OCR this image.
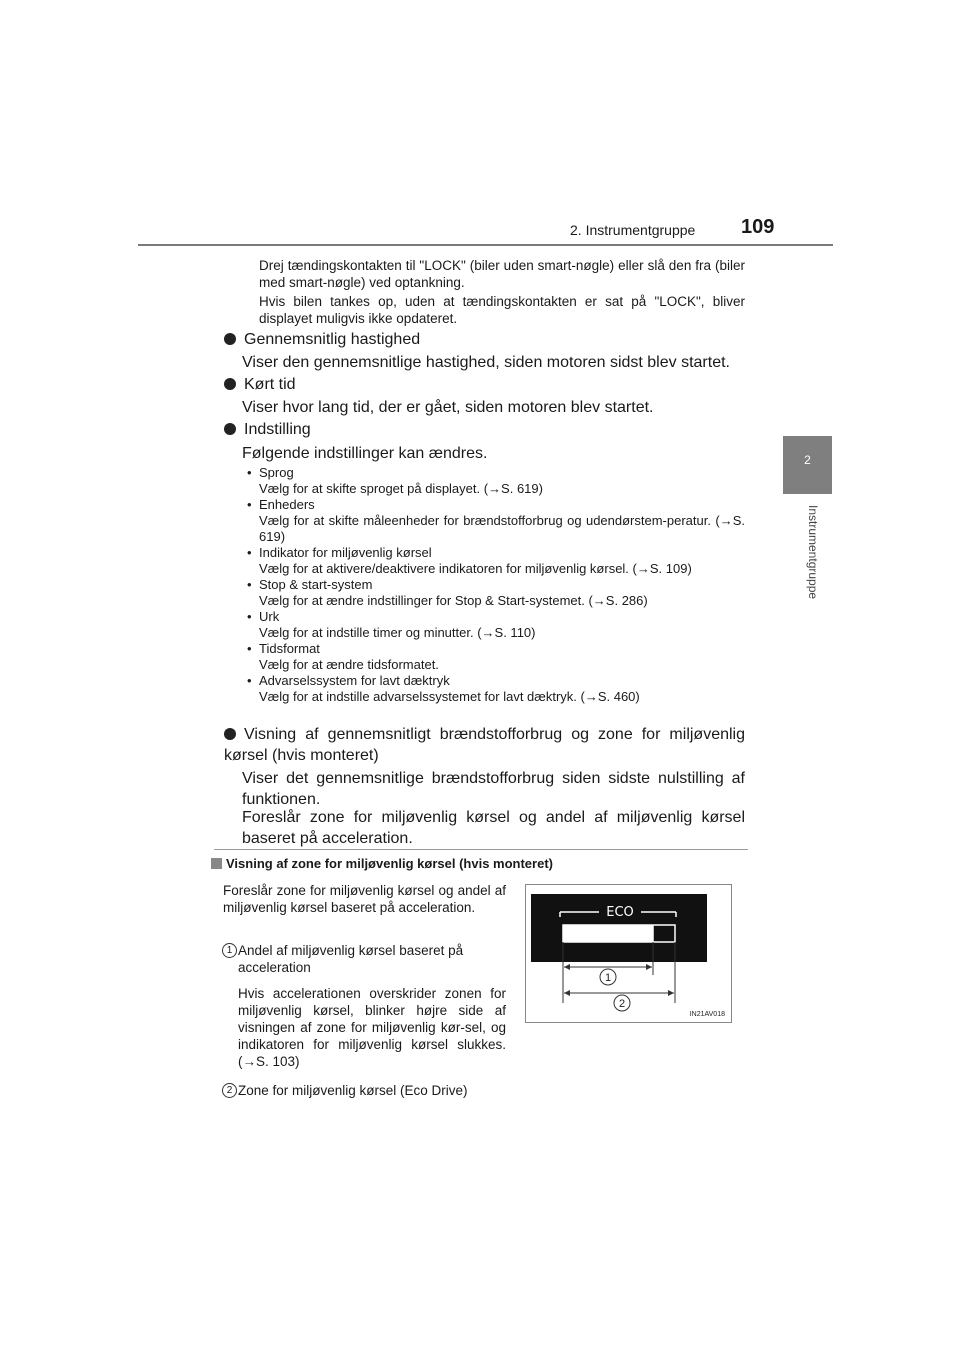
2. Instrumentgruppe 109
2
Instrumentgruppe
Drej tændingskontakten til "LOCK" (biler uden smart-nøgle) eller slå den fra (biler med smart-nøgle) ved optankning.
Hvis bilen tankes op, uden at tændingskontakten er sat på "LOCK", bliver displayet muligvis ikke opdateret.
Gennemsnitlig hastighed
Viser den gennemsnitlige hastighed, siden motoren sidst blev startet.
Kørt tid
Viser hvor lang tid, der er gået, siden motoren blev startet.
Indstilling
Følgende indstillinger kan ændres.
• Sprog
Vælg for at skifte sproget på displayet. (→S. 619)
• Enheders
Vælg for at skifte måleenheder for brændstofforbrug og udendørstem-peratur. (→S. 619)
• Indikator for miljøvenlig kørsel
Vælg for at aktivere/deaktivere indikatoren for miljøvenlig kørsel. (→S. 109)
• Stop & start-system
Vælg for at ændre indstillinger for Stop & Start-systemet. (→S. 286)
• Urk
Vælg for at indstille timer og minutter. (→S. 110)
• Tidsformat
Vælg for at ændre tidsformatet.
• Advarselssystem for lavt dæktryk
Vælg for at indstille advarselssystemet for lavt dæktryk. (→S. 460)
Visning af gennemsnitligt brændstofforbrug og zone for miljøvenlig kørsel (hvis monteret)
Viser det gennemsnitlige brændstofforbrug siden sidste nulstilling af funktionen.
Foreslår zone for miljøvenlig kørsel og andel af miljøvenlig kørsel baseret på acceleration.
Visning af zone for miljøvenlig kørsel (hvis monteret)
Foreslår zone for miljøvenlig kørsel og andel af miljøvenlig kørsel baseret på acceleration.
1 Andel af miljøvenlig kørsel baseret på acceleration
Hvis accelerationen overskrider zonen for miljøvenlig kørsel, blinker højre side af visningen af zone for miljøvenlig kør-sel, og indikatoren for miljøvenlig kørsel slukkes. (→S. 103)
2 Zone for miljøvenlig kørsel (Eco Drive)
ECO
1
2
IN21AV018
